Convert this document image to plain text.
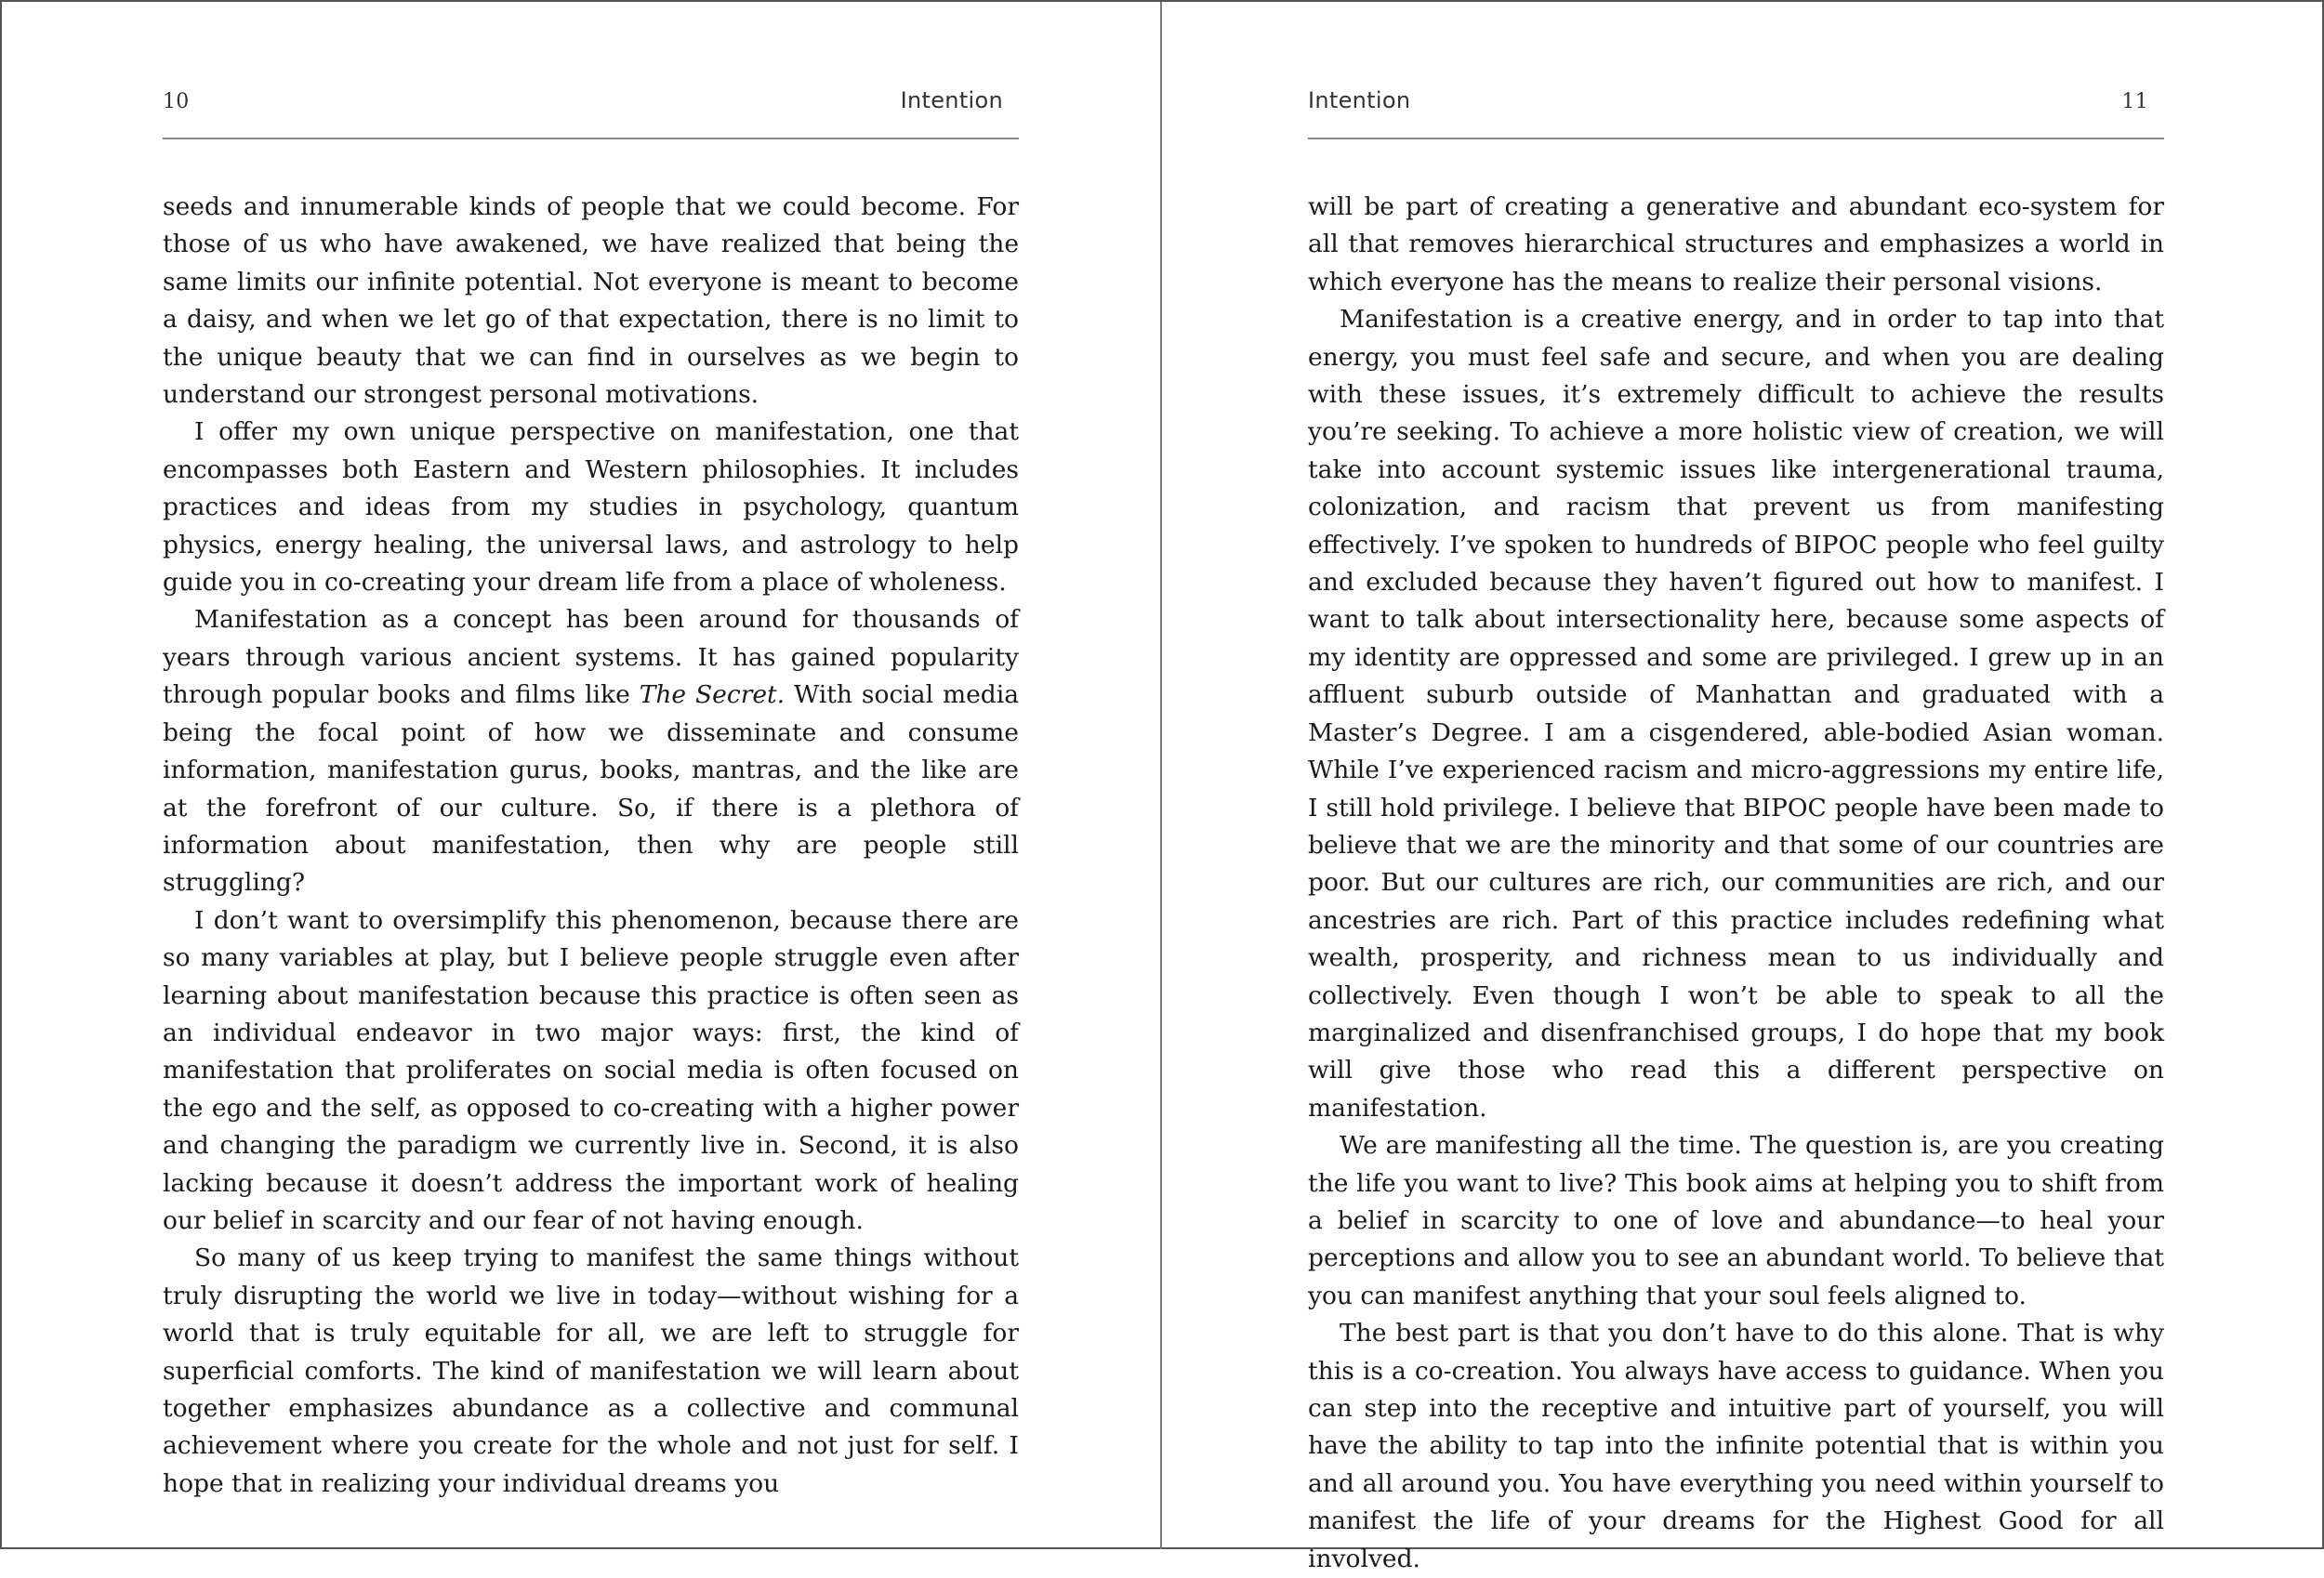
10	Intention

seeds and innumerable kinds of people that we could become. For those of us who have awakened, we have realized that being the same limits our infinite potential. Not everyone is meant to become a daisy, and when we let go of that expectation, there is no limit to the unique beauty that we can find in ourselves as we begin to understand our strongest personal motivations.

I offer my own unique perspective on manifestation, one that encompasses both Eastern and Western philosophies. It includes practices and ideas from my studies in psychology, quantum physics, energy healing, the universal laws, and astrology to help guide you in co-creating your dream life from a place of wholeness.

Manifestation as a concept has been around for thousands of years through various ancient systems. It has gained popularity through popular books and films like The Secret. With social media being the focal point of how we disseminate and consume information, manifestation gurus, books, mantras, and the like are at the forefront of our culture. So, if there is a plethora of information about manifestation, then why are people still struggling?

I don’t want to oversimplify this phenomenon, because there are so many variables at play, but I believe people struggle even after learning about manifestation because this practice is often seen as an individual endeavor in two major ways: first, the kind of manifestation that proliferates on social media is often focused on the ego and the self, as opposed to co-creating with a higher power and changing the paradigm we currently live in. Second, it is also lacking because it doesn’t address the important work of healing our belief in scarcity and our fear of not having enough.

So many of us keep trying to manifest the same things without truly disrupting the world we live in today—without wishing for a world that is truly equitable for all, we are left to struggle for superficial comforts. The kind of manifestation we will learn about together emphasizes abundance as a collective and communal achievement where you create for the whole and not just for self. I hope that in realizing your individual dreams you

Intention	11

will be part of creating a generative and abundant eco-system for all that removes hierarchical structures and emphasizes a world in which everyone has the means to realize their personal visions.

Manifestation is a creative energy, and in order to tap into that energy, you must feel safe and secure, and when you are dealing with these issues, it’s extremely difficult to achieve the results you’re seeking. To achieve a more holistic view of creation, we will take into account systemic issues like intergenerational trauma, colonization, and racism that prevent us from manifesting effectively. I’ve spoken to hundreds of BIPOC people who feel guilty and excluded because they haven’t figured out how to manifest. I want to talk about intersectionality here, because some aspects of my identity are oppressed and some are privileged. I grew up in an affluent suburb outside of Manhattan and graduated with a Master’s Degree. I am a cisgendered, able-bodied Asian woman. While I’ve experienced racism and micro-aggressions my entire life, I still hold privilege. I believe that BIPOC people have been made to believe that we are the minority and that some of our countries are poor. But our cultures are rich, our communities are rich, and our ancestries are rich. Part of this practice includes redefining what wealth, prosperity, and richness mean to us individually and collectively. Even though I won’t be able to speak to all the marginalized and disenfranchised groups, I do hope that my book will give those who read this a different perspective on manifestation.

We are manifesting all the time. The question is, are you creating the life you want to live? This book aims at helping you to shift from a belief in scarcity to one of love and abundance—to heal your perceptions and allow you to see an abundant world. To believe that you can manifest anything that your soul feels aligned to.

The best part is that you don’t have to do this alone. That is why this is a co-creation. You always have access to guidance. When you can step into the receptive and intuitive part of yourself, you will have the ability to tap into the infinite potential that is within you and all around you. You have everything you need within yourself to manifest the life of your dreams for the Highest Good for all involved.
